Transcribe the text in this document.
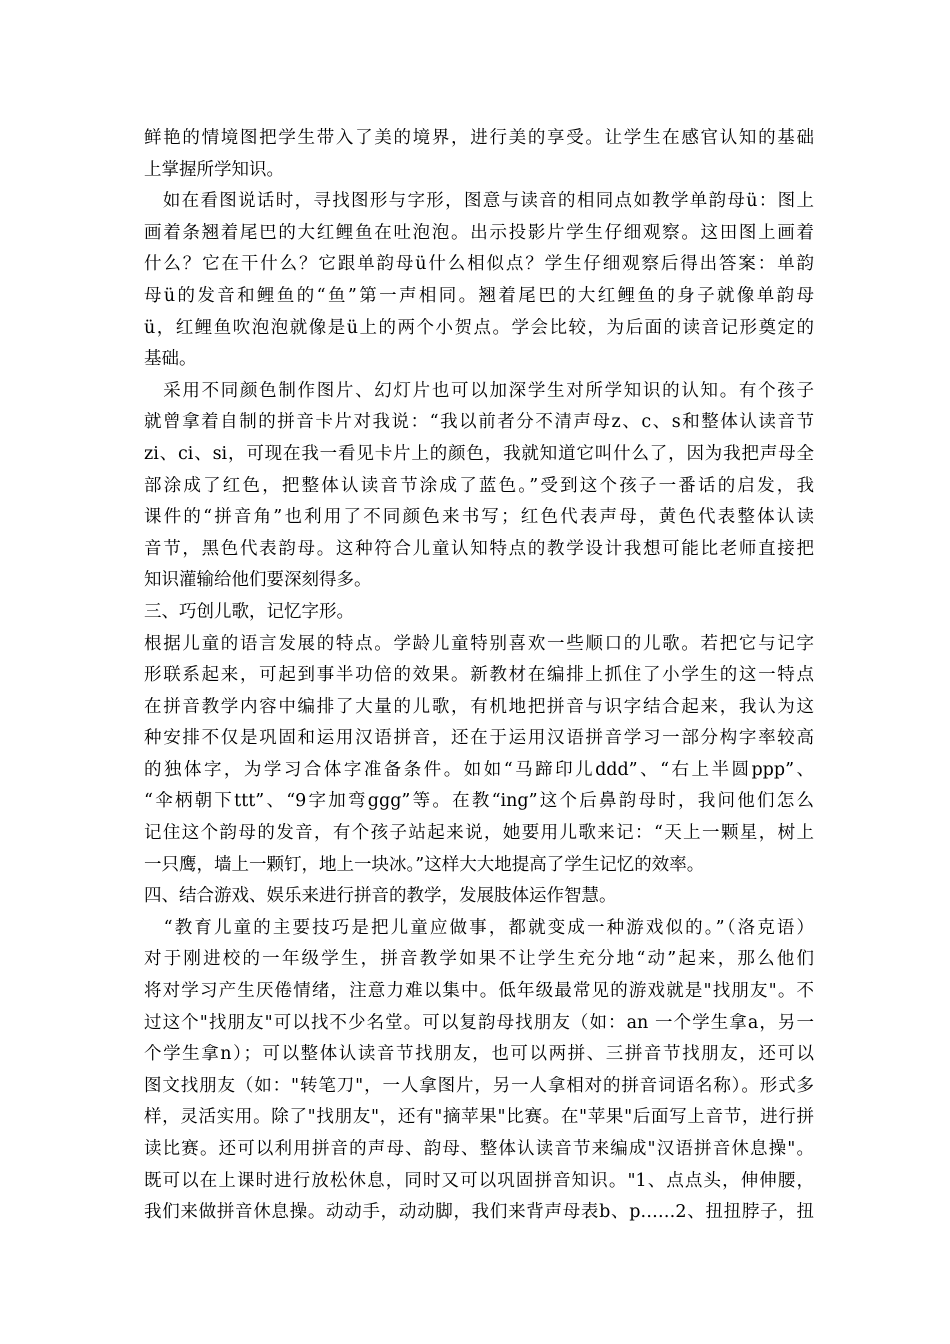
鲜艳的情境图把学生带入了美的境界，进行美的享受。让学生在感官认知的基础
上掌握所学知识。
　如在看图说话时，寻找图形与字形，图意与读音的相同点如教学单韵母ü：图上
画着条翘着尾巴的大红鲤鱼在吐泡泡。出示投影片学生仔细观察。这田图上画着
什么？它在干什么？它跟单韵母ü什么相似点？学生仔细观察后得出答案：单韵
母ü的发音和鲤鱼的“鱼”第一声相同。翘着尾巴的大红鲤鱼的身子就像单韵母
ü，红鲤鱼吹泡泡就像是ü上的两个小贺点。学会比较，为后面的读音记形奠定的
基础。
　采用不同颜色制作图片、幻灯片也可以加深学生对所学知识的认知。有个孩子
就曾拿着自制的拼音卡片对我说：“我以前者分不清声母z、c、s和整体认读音节
zi、ci、si，可现在我一看见卡片上的颜色，我就知道它叫什么了，因为我把声母全
部涂成了红色，把整体认读音节涂成了蓝色。”受到这个孩子一番话的启发，我
课件的“拼音角”也利用了不同颜色来书写；红色代表声母，黄色代表整体认读
音节，黑色代表韵母。这种符合儿童认知特点的教学设计我想可能比老师直接把
知识灌输给他们要深刻得多。
三、巧创儿歌，记忆字形。
根据儿童的语言发展的特点。学龄儿童特别喜欢一些顺口的儿歌。若把它与记字
形联系起来，可起到事半功倍的效果。新教材在编排上抓住了小学生的这一特点
在拼音教学内容中编排了大量的儿歌，有机地把拼音与识字结合起来，我认为这
种安排不仅是巩固和运用汉语拼音，还在于运用汉语拼音学习一部分构字率较高
的独体字，为学习合体字准备条件。如如“马蹄印儿ddd”、“右上半圆ppp”、
“伞柄朝下ttt”、“9字加弯ggg”等。在教“ing”这个后鼻韵母时，我问他们怎么
记住这个韵母的发音，有个孩子站起来说，她要用儿歌来记：“天上一颗星，树上
一只鹰，墙上一颗钉，地上一块冰。”这样大大地提高了学生记忆的效率。
四、结合游戏、娱乐来进行拼音的教学，发展肢体运作智慧。
　“教育儿童的主要技巧是把儿童应做事，都就变成一种游戏似的。”（洛克语）
对于刚进校的一年级学生，拼音教学如果不让学生充分地“动”起来，那么他们
将对学习产生厌倦情绪，注意力难以集中。低年级最常见的游戏就是"找朋友"。不
过这个"找朋友"可以找不少名堂。可以复韵母找朋友（如：an 一个学生拿a，另一
个学生拿n）；可以整体认读音节找朋友，也可以两拼、三拼音节找朋友，还可以
图文找朋友（如："转笔刀"，一人拿图片，另一人拿相对的拼音词语名称）。形式多
样，灵活实用。除了"找朋友"，还有"摘苹果"比赛。在"苹果"后面写上音节，进行拼
读比赛。还可以利用拼音的声母、韵母、整体认读音节来编成"汉语拼音休息操"。
既可以在上课时进行放松休息，同时又可以巩固拼音知识。"1、点点头，伸伸腰，
我们来做拼音休息操。动动手，动动脚，我们来背声母表b、p……2、扭扭脖子，扭
